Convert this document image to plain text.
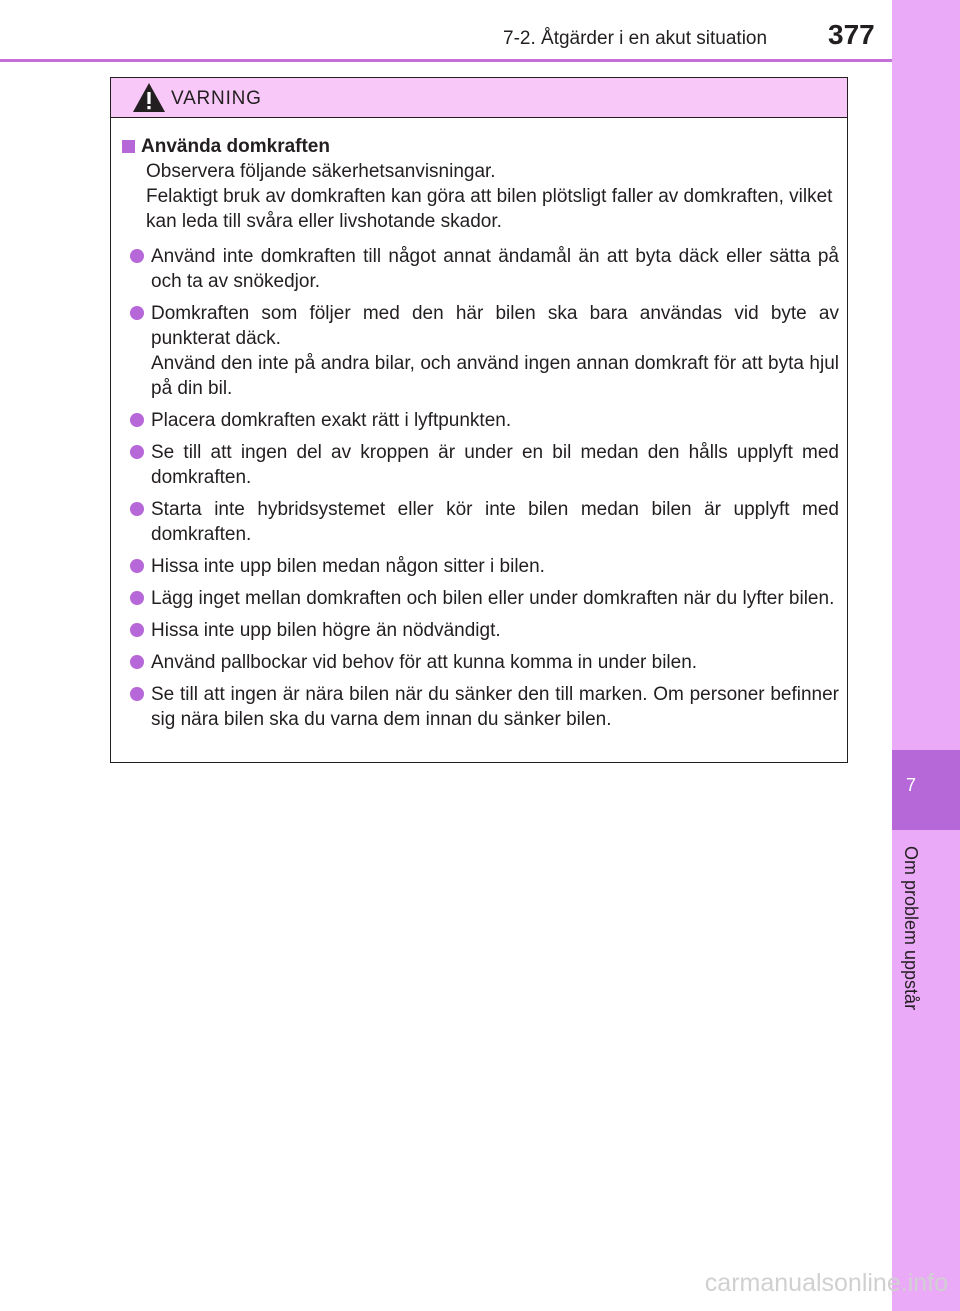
7-2. Åtgärder i en akut situation 377
7
Om problem uppstår
VARNING
Använda domkraften

Observera följande säkerhetsanvisningar.

Felaktigt bruk av domkraften kan göra att bilen plötsligt faller av domkraften, vilket kan leda till svåra eller livshotande skador.

Använd inte domkraften till något annat ändamål än att byta däck eller sätta på och ta av snökedjor.

Domkraften som följer med den här bilen ska bara användas vid byte av punkterat däck.

Använd den inte på andra bilar, och använd ingen annan domkraft för att byta hjul på din bil.

Placera domkraften exakt rätt i lyftpunkten.

Se till att ingen del av kroppen är under en bil medan den hålls upplyft med domkraften.

Starta inte hybridsystemet eller kör inte bilen medan bilen är upplyft med domkraften.

Hissa inte upp bilen medan någon sitter i bilen.

Lägg inget mellan domkraften och bilen eller under domkraften när du lyfter bilen.

Hissa inte upp bilen högre än nödvändigt.

Använd pallbockar vid behov för att kunna komma in under bilen.

Se till att ingen är nära bilen när du sänker den till marken. Om personer befinner sig nära bilen ska du varna dem innan du sänker bilen.

carmanualsonline.info
